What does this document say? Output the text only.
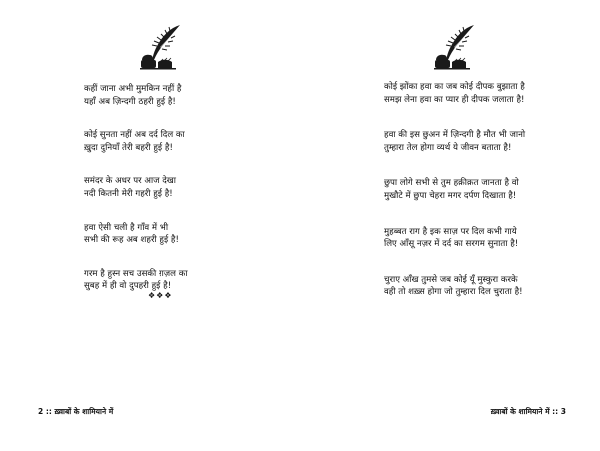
कहीं जाना अभी मुमकिन नहीं है
यहाँ अब ज़िन्दगी ठहरी हुई है!
कोई सुनता नहीं अब दर्द दिल का
ख़ुदा दुनियाँ तेरी बहरी हुई है!
समंदर के अधर पर आज देखा
नदी कितनी मेरी गहरी हुई है!
हवा ऐसी चली है गाँव में भी
सभी की रूह अब शहरी हुई है!
गरम है हुस्न सच उसकी ग़ज़ल का
सुबह में ही वो दुपहरी हुई है!
❖❖❖
2 :: ख़्वाबों के शामियाने में
कोई झोंका हवा का जब कोई दीपक बुझाता है
समझ लेना हवा का प्यार ही दीपक जलाता है!
हवा की इस छुअन में ज़िन्दगी है मौत भी जानो
तुम्हारा तेल होगा व्यर्थ ये जीवन बताता है!
छुपा लोगे सभी से तुम हक़ीक़त जानता है वो
मुखौटे में छुपा चेहरा मगर दर्पण दिखाता है!
मुहब्बत राग है इक साज़ पर दिल कभी गाये
लिए आँसू नज़र में दर्द का सरगम सुनाता है!
चुराए आँख तुमसे जब कोई यूँ मुस्कुरा करके
वही तो शख़्स होगा जो तुम्हारा दिल चुराता है!
ख़्वाबों के शामियाने में :: 3
